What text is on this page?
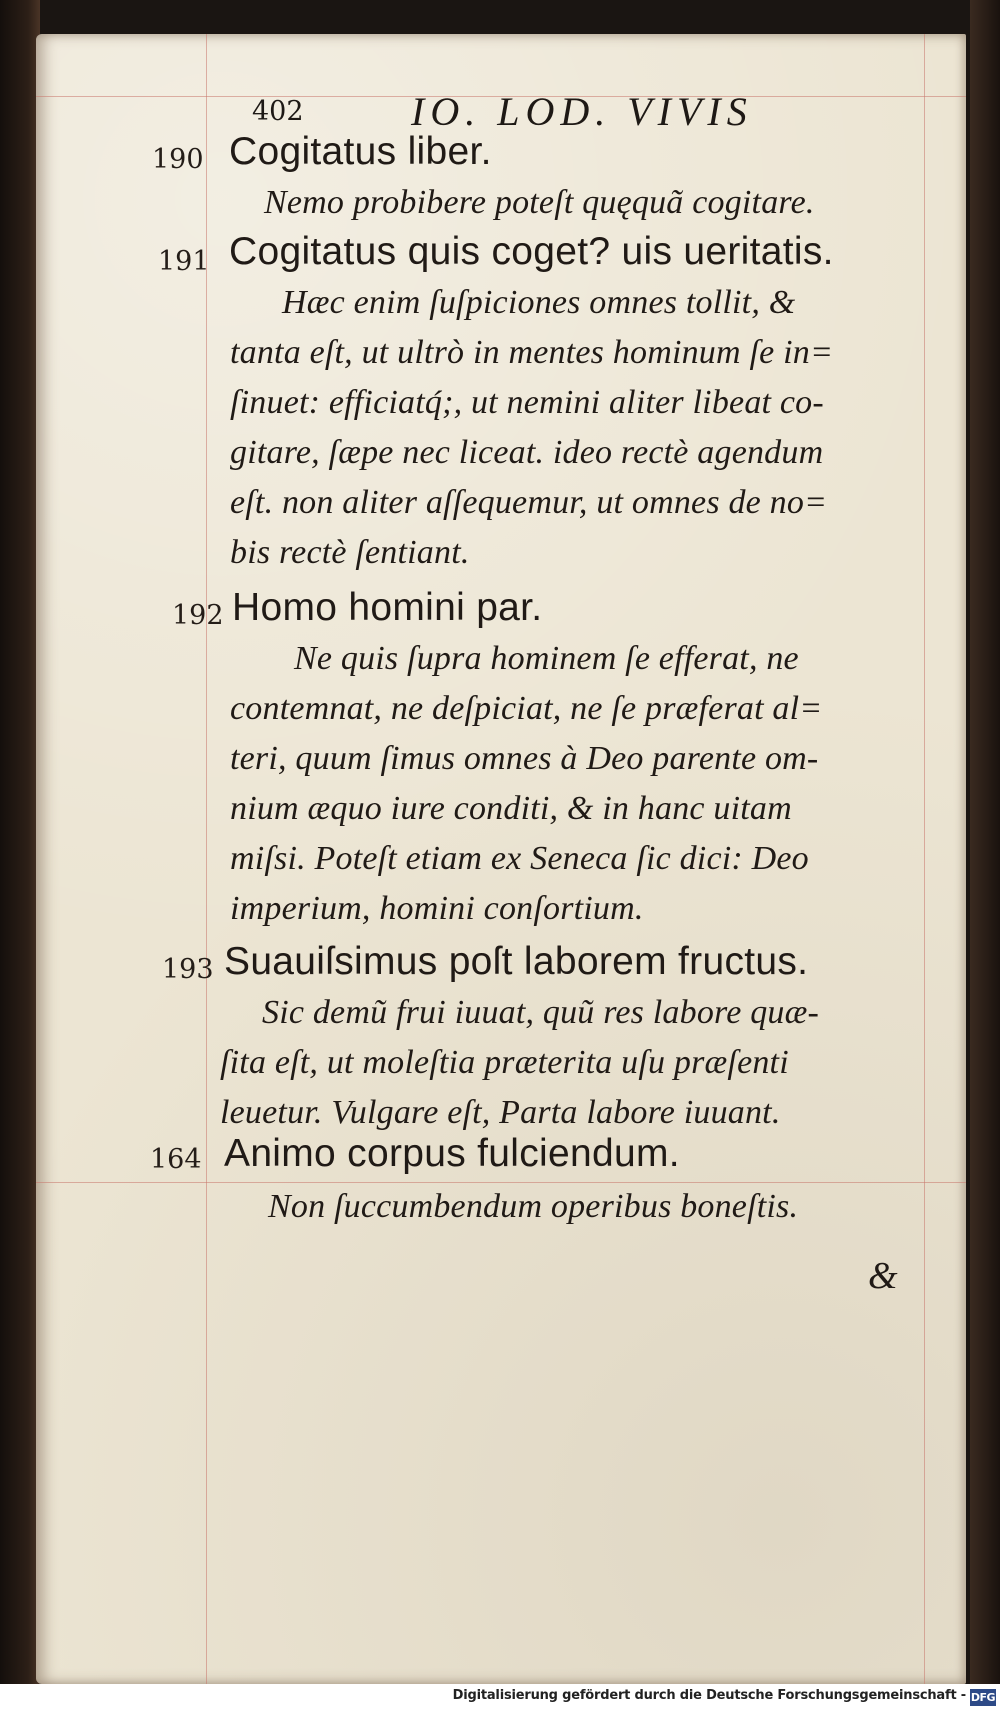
402	IO. LOD. VIVIS
190 Cogitatus liber.
Nemo probibere poteſt quęquã cogitare.
191 Cogitatus quis coget? uis ueritatis.
Hæc enim ſuſpiciones omnes tollit, &
tanta eſt, ut ultrò in mentes hominum ſe in=
ſinuet: efficiatq́;, ut nemini aliter libeat co-
gitare, ſæpe nec liceat. ideo rectè agendum
eſt. non aliter aſſequemur, ut omnes de no=
bis rectè ſentiant.
192 Homo homini par.
Ne quis ſupra hominem ſe efferat, ne
contemnat, ne deſpiciat, ne ſe præferat al=
teri, quum ſimus omnes à Deo parente om-
nium æquo iure conditi, & in hanc uitam
miſsi. Poteſt etiam ex Seneca ſic dici: Deo
imperium, homini conſortium.
193 Suauiſsimus poſt laborem fructus.
Sic demũ frui iuuat, quũ res labore quæ-
ſita eſt, ut moleſtia præterita uſu præſenti
leuetur. Vulgare eſt, Parta labore iuuant.
164 Animo corpus fulciendum.
Non ſuccumbendum operibus boneſtis.
&
Digitalisierung gefördert durch die Deutsche Forschungsgemeinschaft - DFG
